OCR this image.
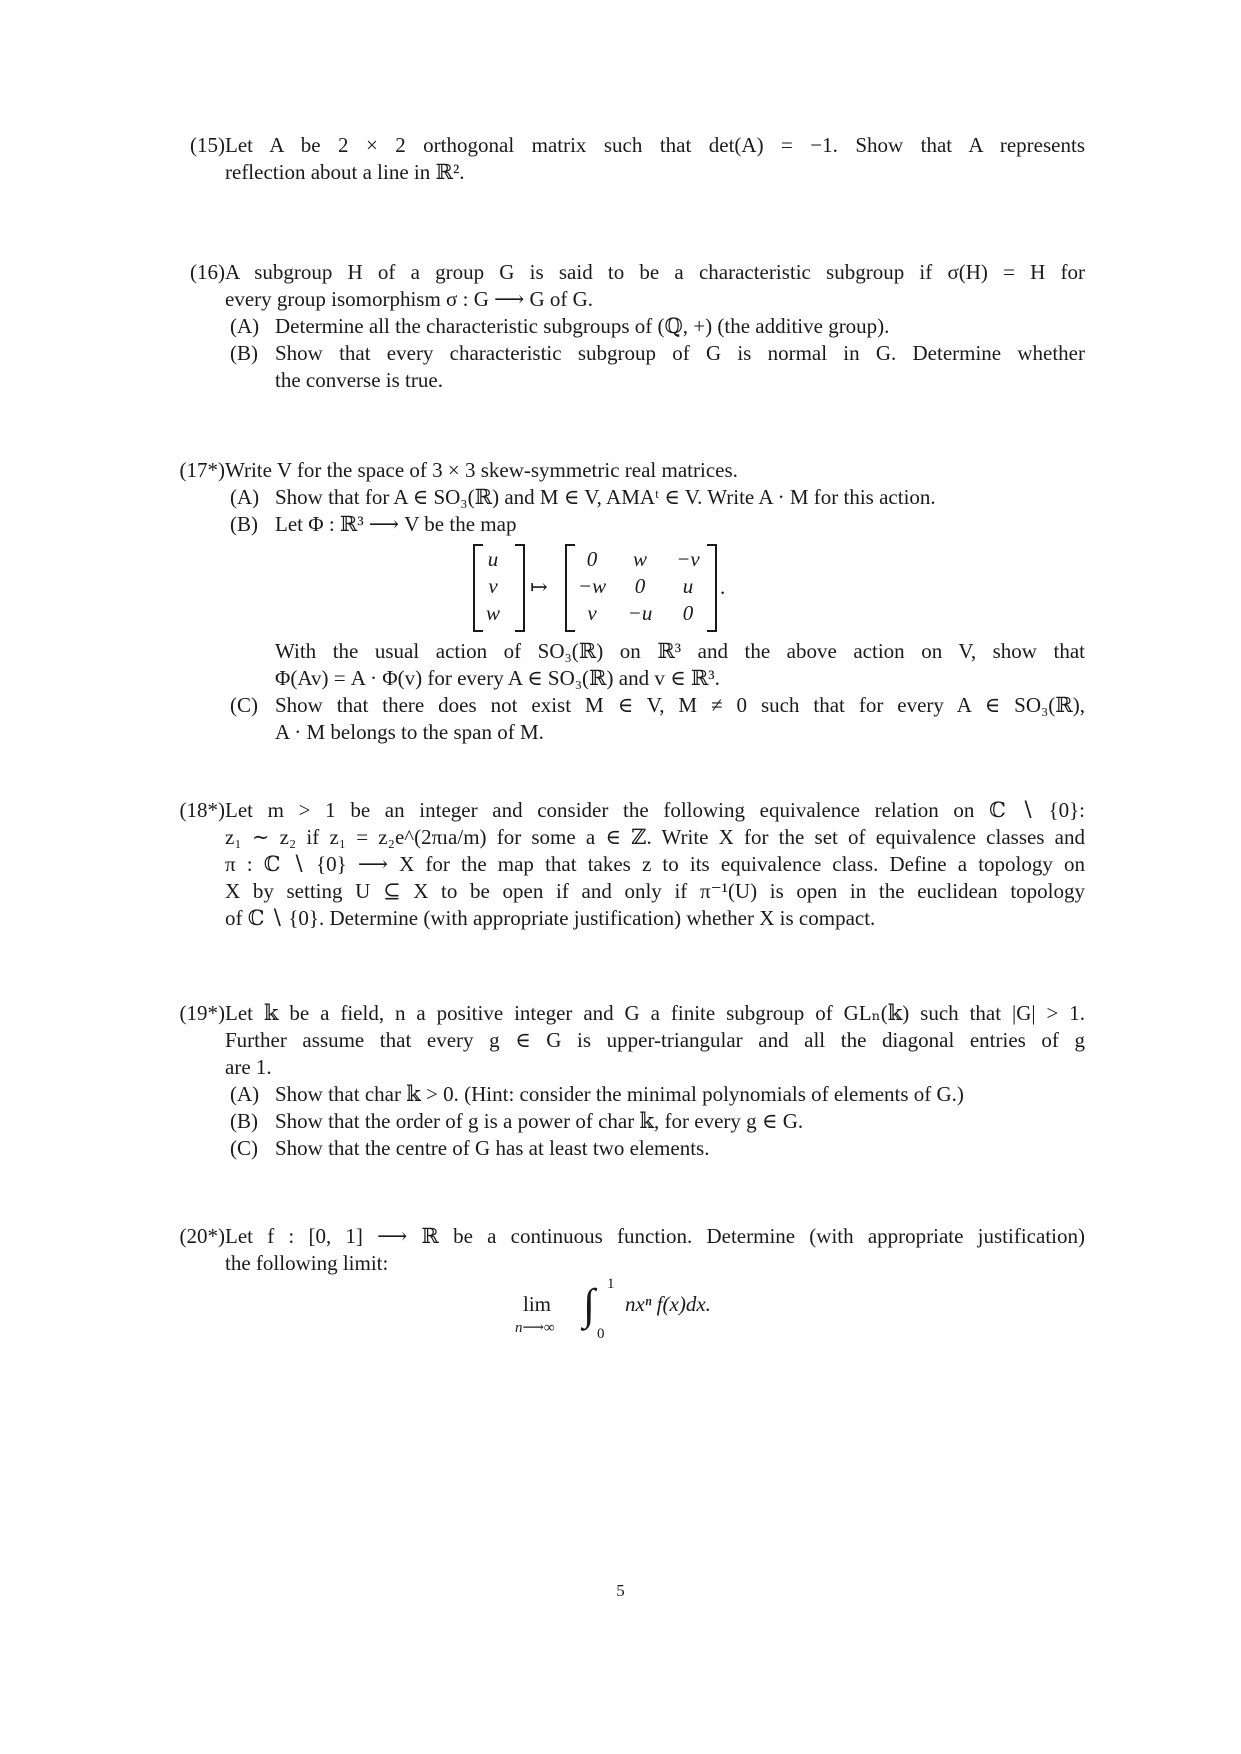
(15) Let A be 2 × 2 orthogonal matrix such that det(A) = −1. Show that A represents
reflection about a line in ℝ².
(16) A subgroup H of a group G is said to be a characteristic subgroup if σ(H) = H for
every group isomorphism σ : G ⟶ G of G.
(A) Determine all the characteristic subgroups of (ℚ, +) (the additive group).
(B) Show that every characteristic subgroup of G is normal in G. Determine whether
the converse is true.
(17*) Write V for the space of 3 × 3 skew-symmetric real matrices.
(A) Show that for A ∈ SO₃(ℝ) and M ∈ V, AMAᵗ ∈ V. Write A · M for this action.
(B) Let Φ : ℝ³ ⟶ V be the map
u
v
w
↦
0	w	−v
−w	0	u
v	−u	0
.
With the usual action of SO₃(ℝ) on ℝ³ and the above action on V, show that
Φ(Av) = A · Φ(v) for every A ∈ SO₃(ℝ) and v ∈ ℝ³.
(C) Show that there does not exist M ∈ V, M ≠ 0 such that for every A ∈ SO₃(ℝ),
A · M belongs to the span of M.
(18*) Let m > 1 be an integer and consider the following equivalence relation on ℂ ∖ {0}:
z₁ ∼ z₂ if z₁ = z₂e^(2πıa/m) for some a ∈ ℤ. Write X for the set of equivalence classes and
π : ℂ ∖ {0} ⟶ X for the map that takes z to its equivalence class. Define a topology on
X by setting U ⊆ X to be open if and only if π⁻¹(U) is open in the euclidean topology
of ℂ ∖ {0}. Determine (with appropriate justification) whether X is compact.
(19*) Let 𝕜 be a field, n a positive integer and G a finite subgroup of GLₙ(𝕜) such that |G| > 1.
Further assume that every g ∈ G is upper-triangular and all the diagonal entries of g
are 1.
(A) Show that char 𝕜 > 0. (Hint: consider the minimal polynomials of elements of G.)
(B) Show that the order of g is a power of char 𝕜, for every g ∈ G.
(C) Show that the centre of G has at least two elements.
(20*) Let f : [0, 1] ⟶ ℝ be a continuous function. Determine (with appropriate justification)
the following limit:
lim
n⟶∞ ∫ 1
0
nxⁿ f(x)dx.
5
